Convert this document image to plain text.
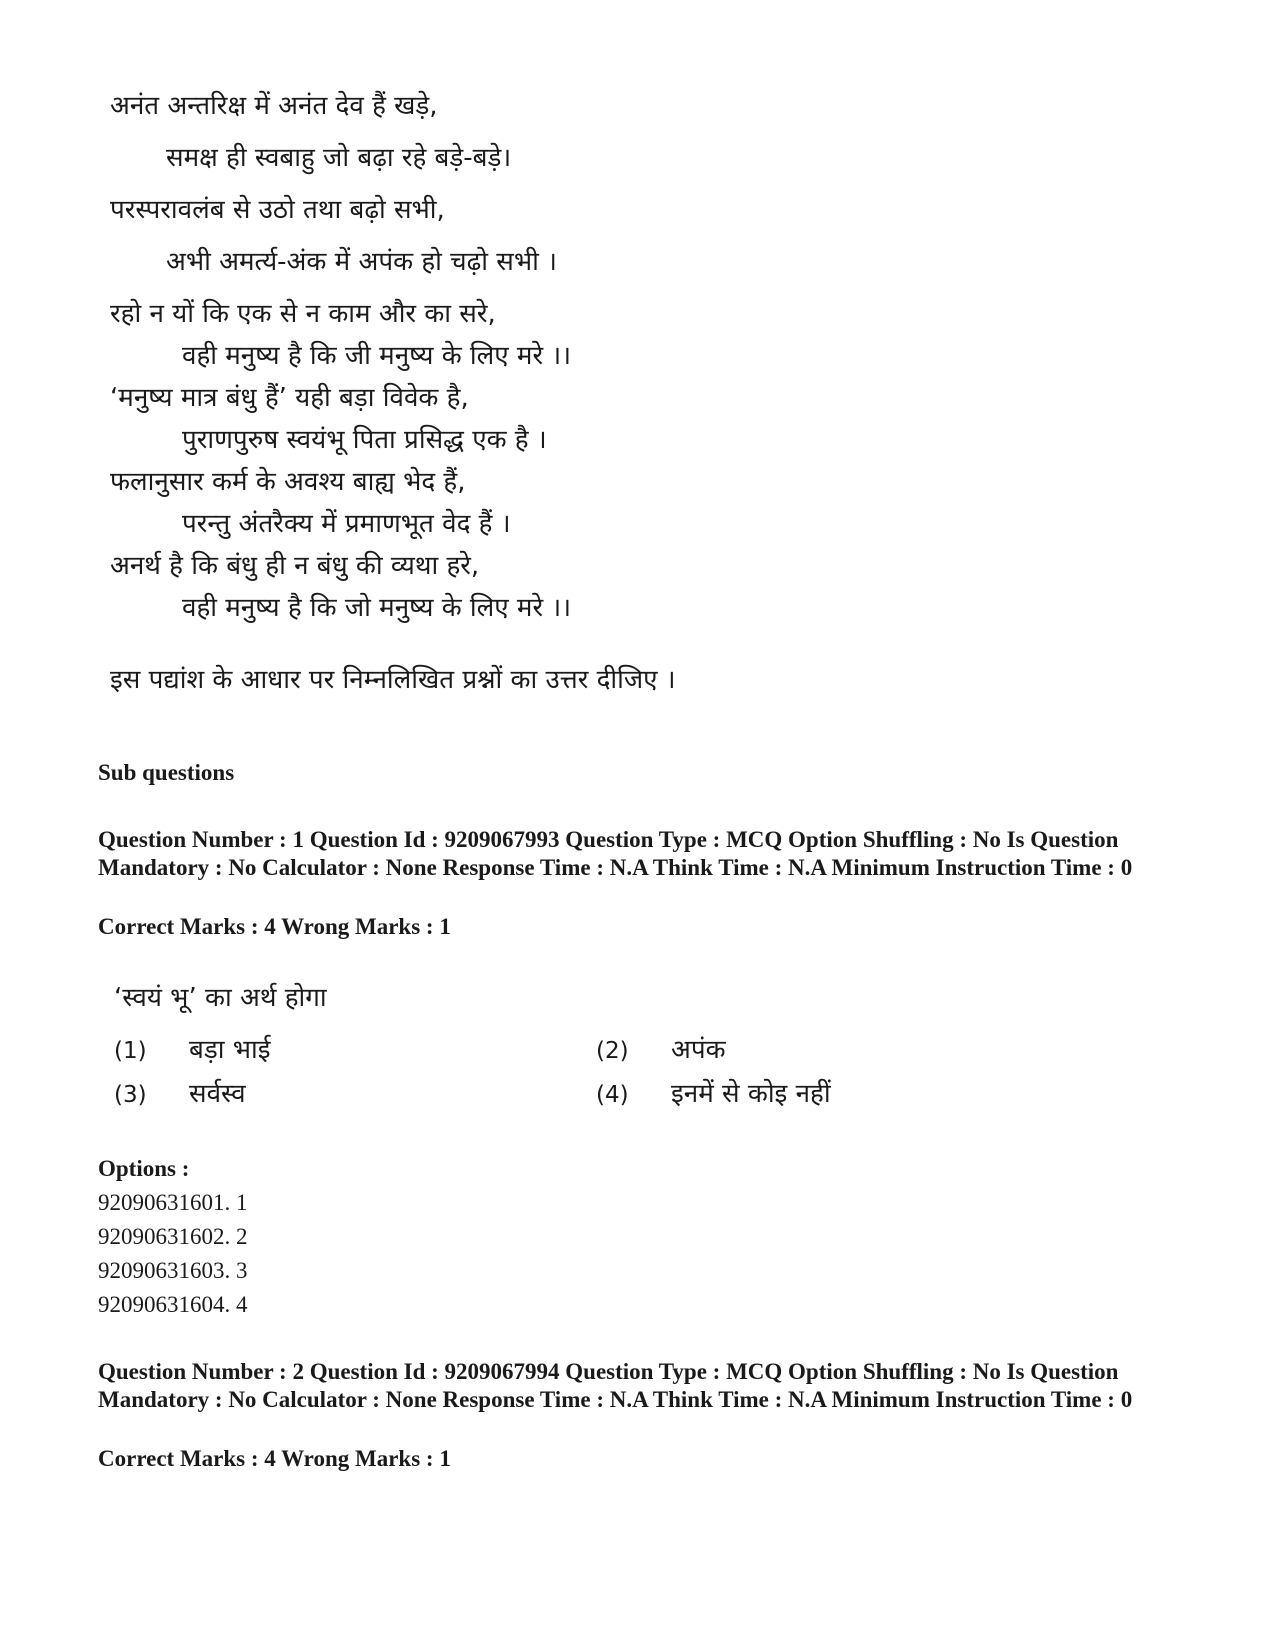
अनंत अन्तरिक्ष में अनंत देव हैं खड़े,
समक्ष ही स्वबाहु जो बढ़ा रहे बड़े-बड़े।
परस्परावलंब से उठो तथा बढ़ो सभी,
अभी अमर्त्य-अंक में अपंक हो चढ़ो सभी ।
रहो न यों कि एक से न काम और का सरे,
वही मनुष्य है कि जी मनुष्य के लिए मरे ।।
‘मनुष्य मात्र बंधु हैं’ यही बड़ा विवेक है,
पुराणपुरुष स्वयंभू पिता प्रसिद्ध एक है ।
फलानुसार कर्म के अवश्य बाह्य भेद हैं,
परन्तु अंतरैक्य में प्रमाणभूत वेद हैं ।
अनर्थ है कि बंधु ही न बंधु की व्यथा हरे,
वही मनुष्य है कि जो मनुष्य के लिए मरे ।।
इस पद्यांश के आधार पर निम्नलिखित प्रश्नों का उत्तर दीजिए ।
Sub questions
Question Number : 1 Question Id : 9209067993 Question Type : MCQ Option Shuffling : No Is Question Mandatory : No Calculator : None Response Time : N.A Think Time : N.A Minimum Instruction Time : 0
Correct Marks : 4 Wrong Marks : 1
‘स्वयं भू’ का अर्थ होगा
(1) बड़ा भाई	(2) अपंक
(3) सर्वस्व	(4) इनमें से कोइ नहीं
Options :
92090631601. 1
92090631602. 2
92090631603. 3
92090631604. 4
Question Number : 2 Question Id : 9209067994 Question Type : MCQ Option Shuffling : No Is Question Mandatory : No Calculator : None Response Time : N.A Think Time : N.A Minimum Instruction Time : 0
Correct Marks : 4 Wrong Marks : 1
